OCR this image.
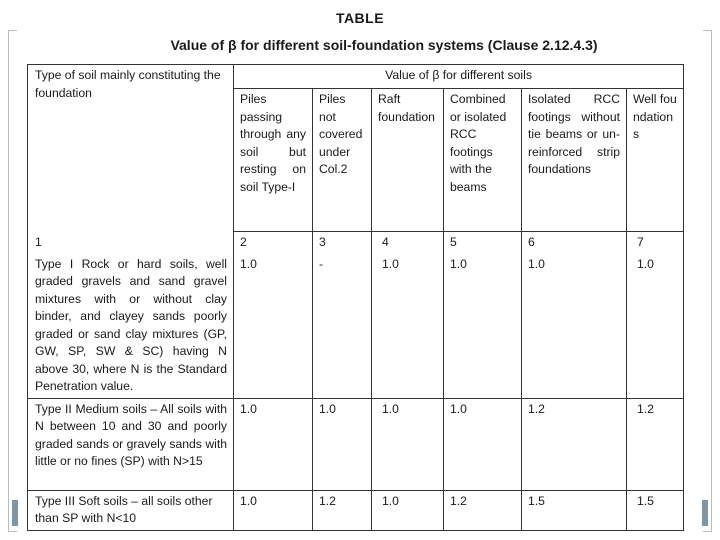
TABLE
Value of β for different soil-foundation systems (Clause 2.12.4.3)
Type of soil mainly constituting the foundation	Value of β for different soils					

	Piles passing through any soil but resting on soil Type-I	Piles not covered under Col.2	Raft foundation	Combined or isolated RCC footings with the beams	Isolated RCC footings without tie beams or un-reinforced strip foundations	Well foundations
1	2	3	4	5	6	7
Type I Rock or hard soils, well graded gravels and sand gravel mixtures with or without clay binder, and clayey sands poorly graded or sand clay mixtures (GP, GW, SP, SW & SC) having N above 30, where N is the Standard Penetration value.	1.0	-	1.0	1.0	1.0	1.0
Type II Medium soils – All soils with N between 10 and 30 and poorly graded sands or gravely sands with little or no fines (SP) with N>15	1.0	1.0	1.0	1.0	1.2	1.2
Type III Soft soils – all soils other than SP with N<10	1.0	1.2	1.0	1.2	1.5	1.5
